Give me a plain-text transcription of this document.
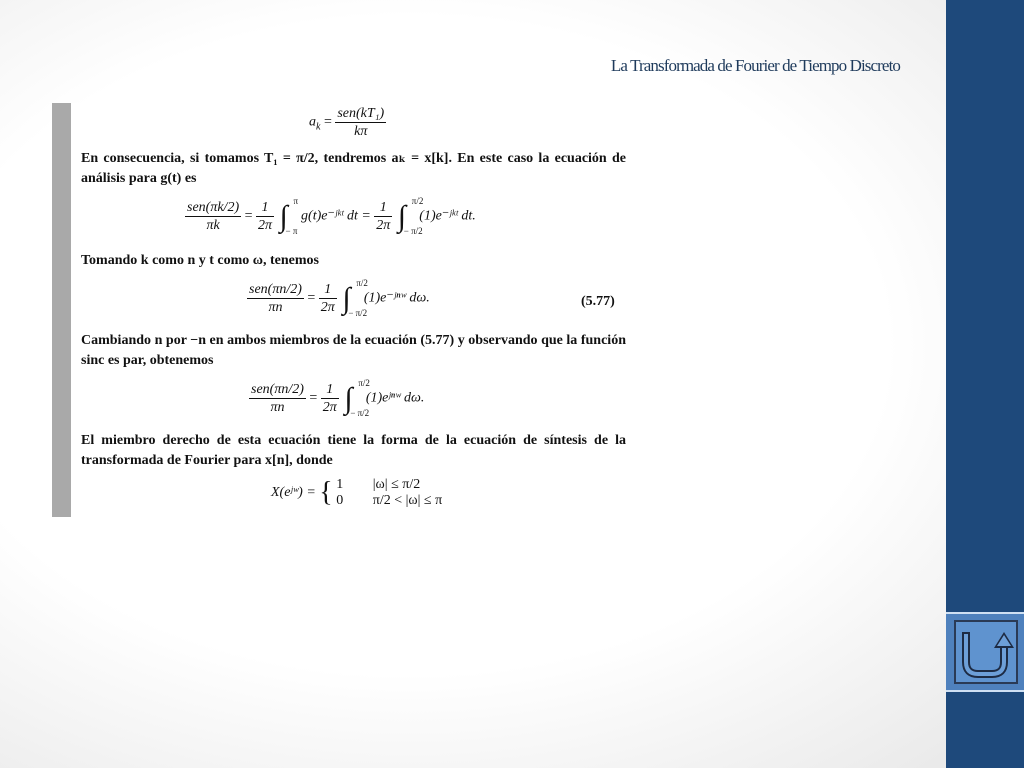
La Transformada de Fourier de Tiempo Discreto
$a_k = \frac{\text{sen(kT₁)}}{k\pi}$
En consecuencia, si tomamos T₁ = π/2, tendremos aₖ = x[k]. En este caso la ecuación de análisis para g(t) es
$\frac{\text{sen(πk/2)}}{\pi k} = \frac{1}{2\pi}$ ∫ π
− π
g(t)e⁻ʲᵏᵗ dt = $\frac{1}{2\pi}$ ∫ π/2
− π/2
(1)e⁻ʲᵏᵗ dt.
Tomando k como n y t como ω, tenemos
$\frac{\text{sen(πn/2)}}{\pi n} = \frac{1}{2\pi}$ ∫ π/2
− π/2
(1)e⁻ʲⁿʷ dω.	(5.77)
Cambiando n por −n en ambos miembros de la ecuación (5.77) y observando que la función sinc es par, obtenemos
$\frac{\text{sen(πn/2)}}{\pi n} = \frac{1}{2\pi}$ ∫ π/2
− π/2
(1)eʲⁿʷ dω.
El miembro derecho de esta ecuación tiene la forma de la ecuación de síntesis de la transformada de Fourier para x[n], donde
X(eʲʷ) = { 1
0

|ω| ≤ π/2
π/2 < |ω| ≤ π
